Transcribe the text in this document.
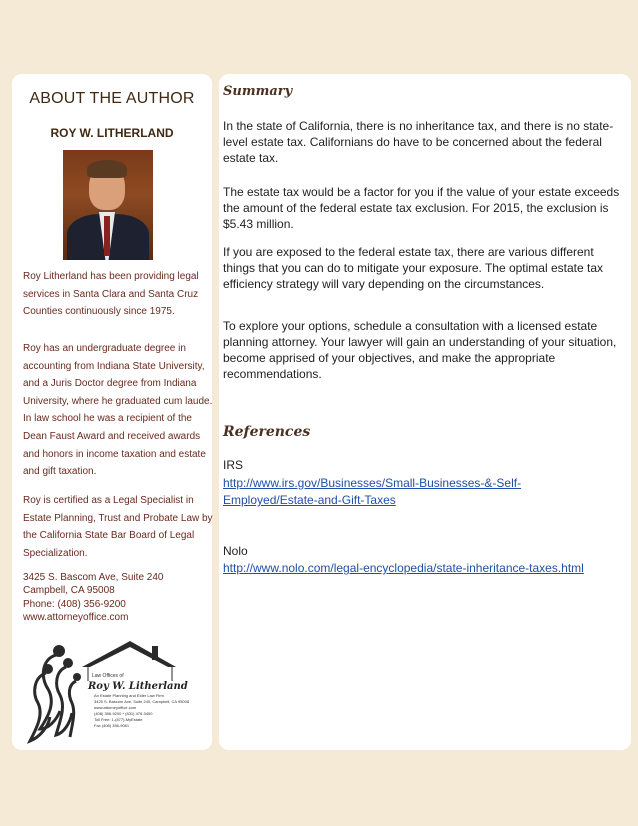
ABOUT THE AUTHOR
ROY W. LITHERLAND

Roy Litherland has been providing legal services in Santa Clara and Santa Cruz Counties continuously since 1975.

Roy has an undergraduate degree in accounting from Indiana State University, and a Juris Doctor degree from Indiana University, where he graduated cum laude. In law school he was a recipient of the Dean Faust Award and received awards and honors in income taxation and estate and gift taxation.

Roy is certified as a Legal Specialist in Estate Planning, Trust and Probate Law by the California State Bar Board of Legal Specialization.

3425 S. Bascom Ave, Suite 240
Campbell, CA 95008
Phone: (408) 356-9200
www.attorneyoffice.com
Law Offices of
Roy W. Litherland
An Estate Planning and Elder Law Firm
3425 S. Bascom Ave, Suite 240, Campbell, CA 95008
www.attorneyoffice.com
(408) 356-9200 * (831) 476-3400
Toll Free: 1-(877)-MyEstate
Fax (408) 356-9061
Summary

In the state of California, there is no inheritance tax, and there is no state-level estate tax. Californians do have to be concerned about the federal estate tax.

The estate tax would be a factor for you if the value of your estate exceeds the amount of the federal estate tax exclusion. For 2015, the exclusion is $5.43 million.

If you are exposed to the federal estate tax, there are various different things that you can do to mitigate your exposure. The optimal estate tax efficiency strategy will vary depending on the circumstances.

To explore your options, schedule a consultation with a licensed estate planning attorney. Your lawyer will gain an understanding of your situation, become apprised of your objectives, and make the appropriate recommendations.

References
IRS
http://www.irs.gov/Businesses/Small-Businesses-&-Self-Employed/Estate-and-Gift-Taxes
Nolo
http://www.nolo.com/legal-encyclopedia/state-inheritance-taxes.html
